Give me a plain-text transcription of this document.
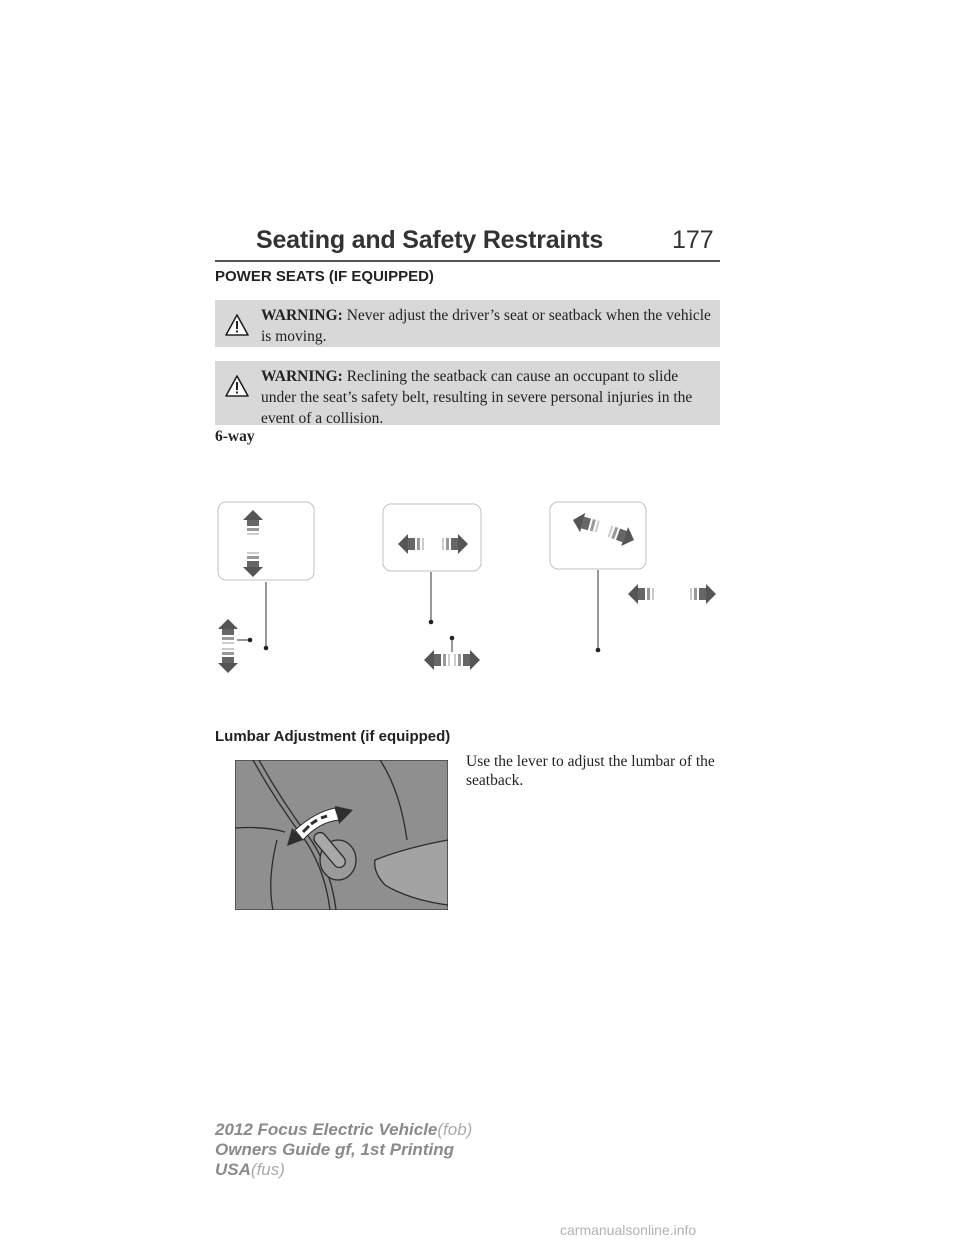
Seating and Safety Restraints	177
POWER SEATS (IF EQUIPPED)
WARNING: Never adjust the driver’s seat or seatback when the vehicle is moving.
WARNING: Reclining the seatback can cause an occupant to slide under the seat’s safety belt, resulting in severe personal injuries in the event of a collision.
6-way
Lumbar Adjustment (if equipped)
Use the lever to adjust the lumbar of the seatback.
2012 Focus Electric Vehicle(fob)
Owners Guide gf, 1st Printing
USA(fus)
carmanualsonline.info
